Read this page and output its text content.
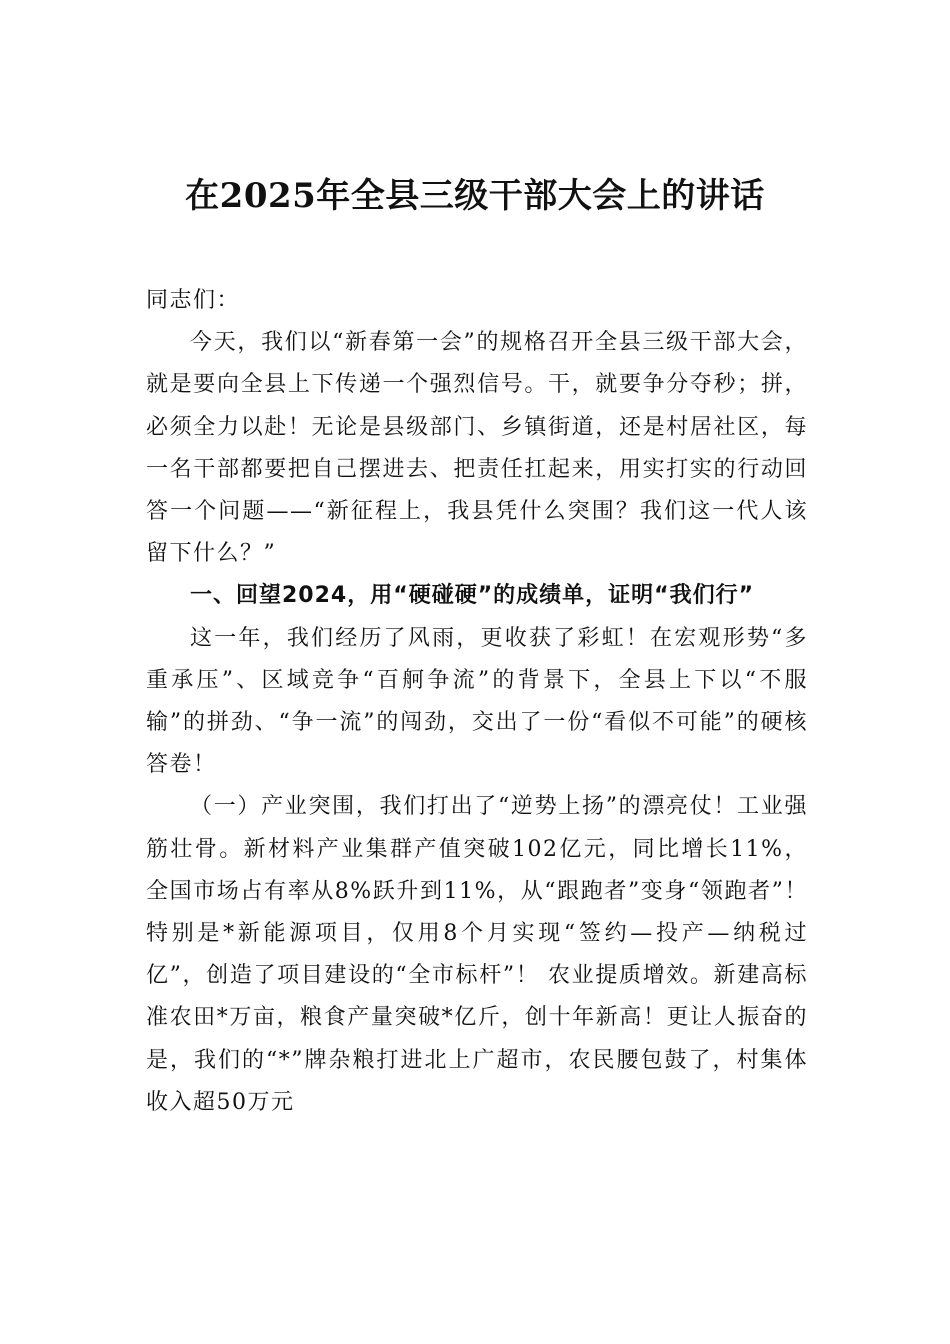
在2025年全县三级干部大会上的讲话

同志们：

今天，我们以“新春第一会”的规格召开全县三级干部大会，就是要向全县上下传递一个强烈信号。干，就要争分夺秒；拼，必须全力以赴！无论是县级部门、乡镇街道，还是村居社区，每一名干部都要把自己摆进去、把责任扛起来，用实打实的行动回答一个问题——“新征程上，我县凭什么突围？我们这一代人该留下什么？”

一、回望2024，用“硬碰硬”的成绩单，证明“我们行”

这一年，我们经历了风雨，更收获了彩虹！在宏观形势“多重承压”、区域竞争“百舸争流”的背景下，全县上下以“不服输”的拼劲、“争一流”的闯劲，交出了一份“看似不可能”的硬核答卷！

（一）产业突围，我们打出了“逆势上扬”的漂亮仗！工业强筋壮骨。新材料产业集群产值突破102亿元，同比增长11%，全国市场占有率从8%跃升到11%，从“跟跑者”变身“领跑者”！特别是*新能源项目，仅用8个月实现“签约—投产—纳税过亿”，创造了项目建设的“全市标杆”！ 农业提质增效。新建高标准农田*万亩，粮食产量突破*亿斤，创十年新高！更让人振奋的是，我们的“*”牌杂粮打进北上广超市，农民腰包鼓了，村集体收入超50万元
